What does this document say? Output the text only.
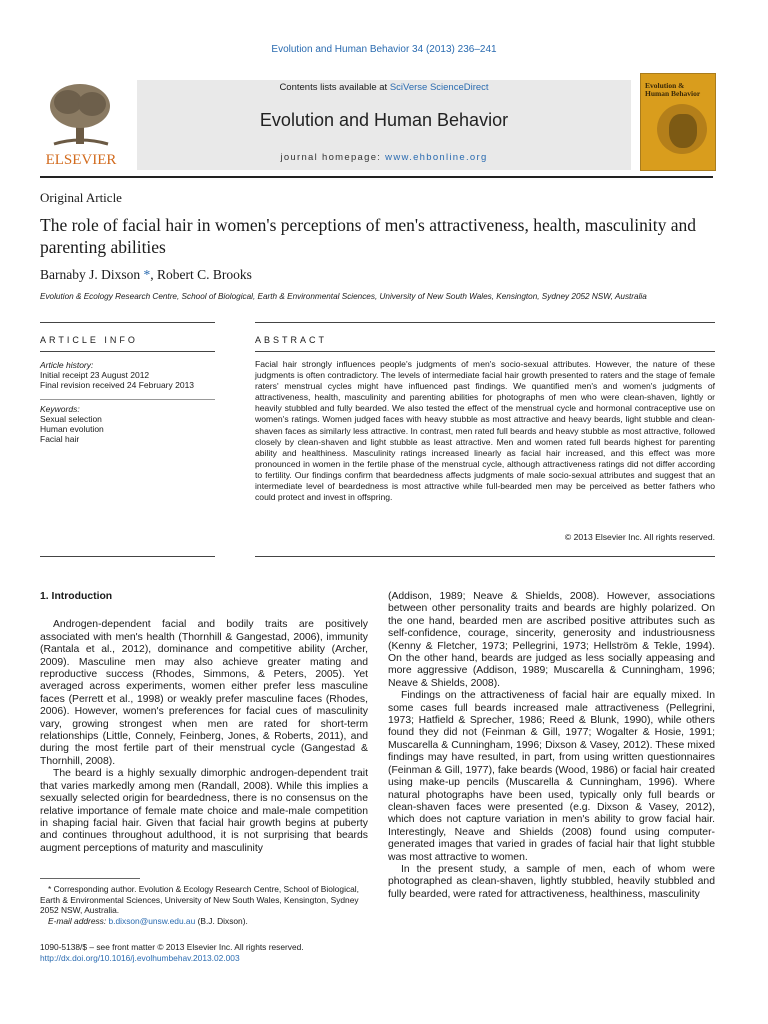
Evolution and Human Behavior 34 (2013) 236–241
ELSEVIER
Contents lists available at SciVerse ScienceDirect
Evolution and Human Behavior
journal homepage: www.ehbonline.org
Evolution & Human Behavior
Original Article
The role of facial hair in women's perceptions of men's attractiveness, health, masculinity and parenting abilities
Barnaby J. Dixson *, Robert C. Brooks
Evolution & Ecology Research Centre, School of Biological, Earth & Environmental Sciences, University of New South Wales, Kensington, Sydney 2052 NSW, Australia
ARTICLE INFO
Article history:
Initial receipt 23 August 2012
Final revision received 24 February 2013
Keywords:
Sexual selection
Human evolution
Facial hair
ABSTRACT
Facial hair strongly influences people's judgments of men's socio-sexual attributes. However, the nature of these judgments is often contradictory. The levels of intermediate facial hair growth presented to raters and the stage of female raters' menstrual cycles might have influenced past findings. We quantified men's and women's judgments of attractiveness, health, masculinity and parenting abilities for photographs of men who were clean-shaven, lightly or heavily stubbled and fully bearded. We also tested the effect of the menstrual cycle and hormonal contraceptive use on women's ratings. Women judged faces with heavy stubble as most attractive and heavy beards, light stubble and clean-shaven faces as similarly less attractive. In contrast, men rated full beards and heavy stubble as most attractive, followed closely by clean-shaven and light stubble as least attractive. Men and women rated full beards highest for parenting ability and healthiness. Masculinity ratings increased linearly as facial hair increased, and this effect was more pronounced in women in the fertile phase of the menstrual cycle, although attractiveness ratings did not differ according to fertility. Our findings confirm that beardedness affects judgments of male socio-sexual attributes and suggest that an intermediate level of beardedness is most attractive while full-bearded men may be perceived as better fathers who could protect and invest in offspring.
© 2013 Elsevier Inc. All rights reserved.
1. Introduction

Androgen-dependent facial and bodily traits are positively associated with men's health (Thornhill & Gangestad, 2006), immunity (Rantala et al., 2012), dominance and competitive ability (Archer, 2009). Masculine men may also achieve greater mating and reproductive success (Rhodes, Simmons, & Peters, 2005). Yet averaged across experiments, women either prefer less masculine faces (Perrett et al., 1998) or weakly prefer masculine faces (Rhodes, 2006). However, women's preferences for facial cues of masculinity vary, growing strongest when men are rated for short-term relationships (Little, Connely, Feinberg, Jones, & Roberts, 2011), and during the most fertile part of their menstrual cycle (Gangestad & Thornhill, 2008).

The beard is a highly sexually dimorphic androgen-dependent trait that varies markedly among men (Randall, 2008). While this implies a sexually selected origin for beardedness, there is no consensus on the relative importance of female mate choice and male-male competition in shaping facial hair. Given that facial hair growth begins at puberty and continues throughout adulthood, it is not surprising that beards augment perceptions of maturity and masculinity

(Addison, 1989; Neave & Shields, 2008). However, associations between other personality traits and beards are highly polarized. On the one hand, bearded men are ascribed positive attributes such as self-confidence, courage, sincerity, generosity and industriousness (Kenny & Fletcher, 1973; Pellegrini, 1973; Hellström & Tekle, 1994). On the other hand, beards are judged as less socially appeasing and more aggressive (Addison, 1989; Muscarella & Cunningham, 1996; Neave & Shields, 2008).

Findings on the attractiveness of facial hair are equally mixed. In some cases full beards increased male attractiveness (Pellegrini, 1973; Hatfield & Sprecher, 1986; Reed & Blunk, 1990), while others found they did not (Feinman & Gill, 1977; Wogalter & Hosie, 1991; Muscarella & Cunningham, 1996; Dixson & Vasey, 2012). These mixed findings may have resulted, in part, from using written questionnaires (Feinman & Gill, 1977), fake beards (Wood, 1986) or facial hair created using make-up pencils (Muscarella & Cunningham, 1996). Where natural photographs have been used, typically only full beards or clean-shaven faces were presented (e.g. Dixson & Vasey, 2012), which does not capture variation in men's ability to grow facial hair. Interestingly, Neave and Shields (2008) found using computer-generated images that varied in grades of facial hair that light stubble was most attractive to women.

In the present study, a sample of men, each of whom were photographed as clean-shaven, lightly stubbled, heavily stubbled and fully bearded, were rated for attractiveness, healthiness, masculinity

* Corresponding author. Evolution & Ecology Research Centre, School of Biological, Earth & Environmental Sciences, University of New South Wales, Kensington, Sydney 2052 NSW, Australia.
E-mail address: b.dixson@unsw.edu.au (B.J. Dixson).
1090-5138/$ – see front matter © 2013 Elsevier Inc. All rights reserved.
http://dx.doi.org/10.1016/j.evolhumbehav.2013.02.003
